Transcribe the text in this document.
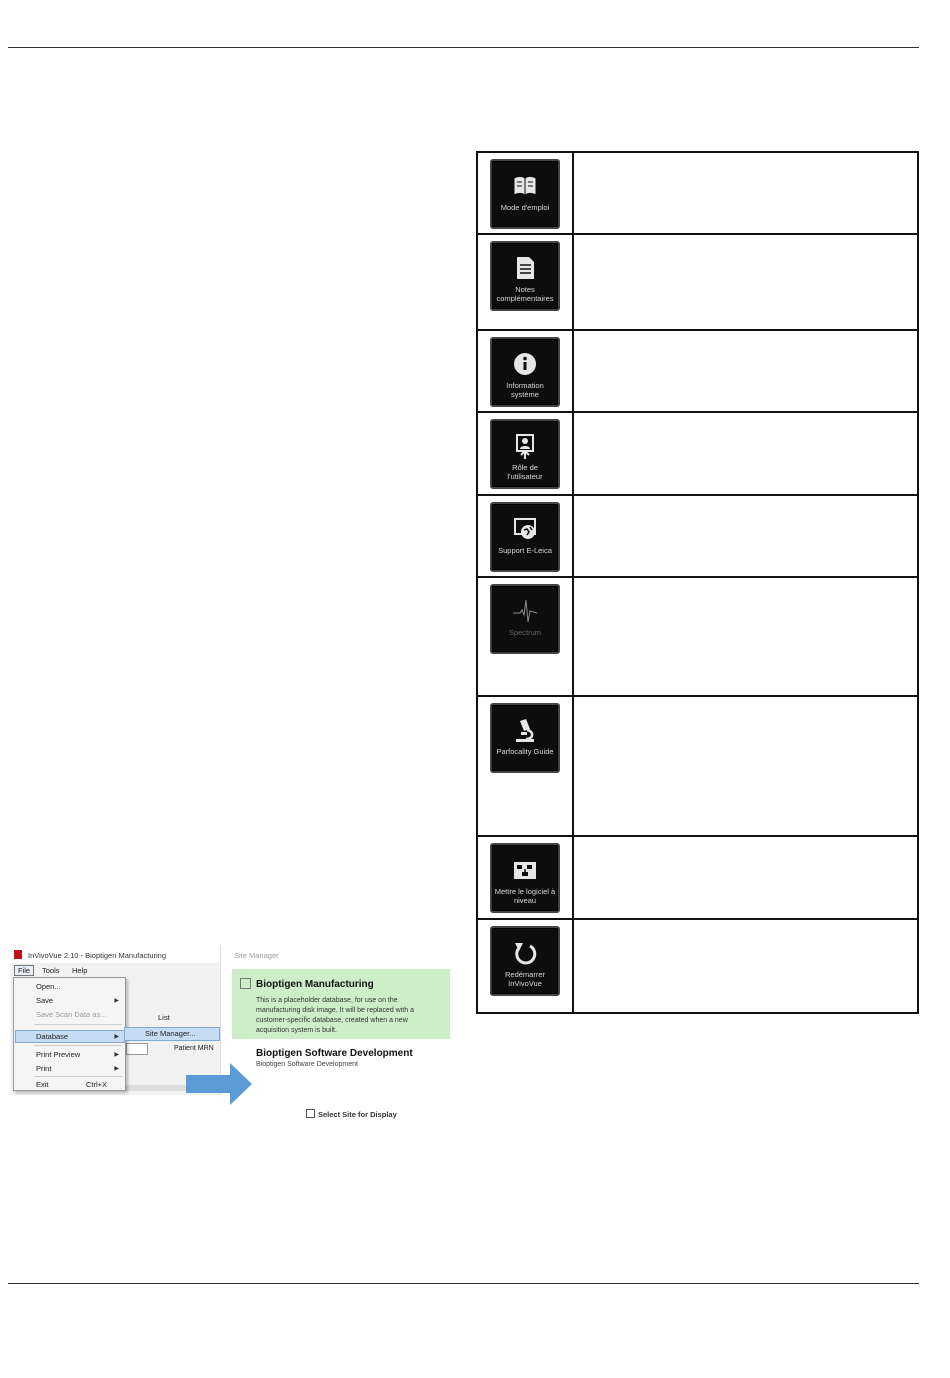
Mode d'emploi	

Notes complémentaires	

Information système	

Rôle de l'utilisateur	

Support E-Leica	

Spectrum	

Parfocality Guide	

Mettre le logiciel à niveau	

Redémarrer InVivoVue	

InVivoVue 2.10 - Bioptigen Manufacturing
File	Tools Help
List
Patient MRN
Open...
Save	▶
Save Scan Data as...
Database	▶
Print Preview	▶
Print	▶
Exit	Ctrl+X
Site Manager...
Site Manager
Bioptigen Manufacturing
This is a placeholder database, for use on the manufacturing disk image. It will be replaced with a customer-specific database, created when a new acquisition system is built.
Bioptigen Software Development
Bioptigen Software Development
Select Site for Display
